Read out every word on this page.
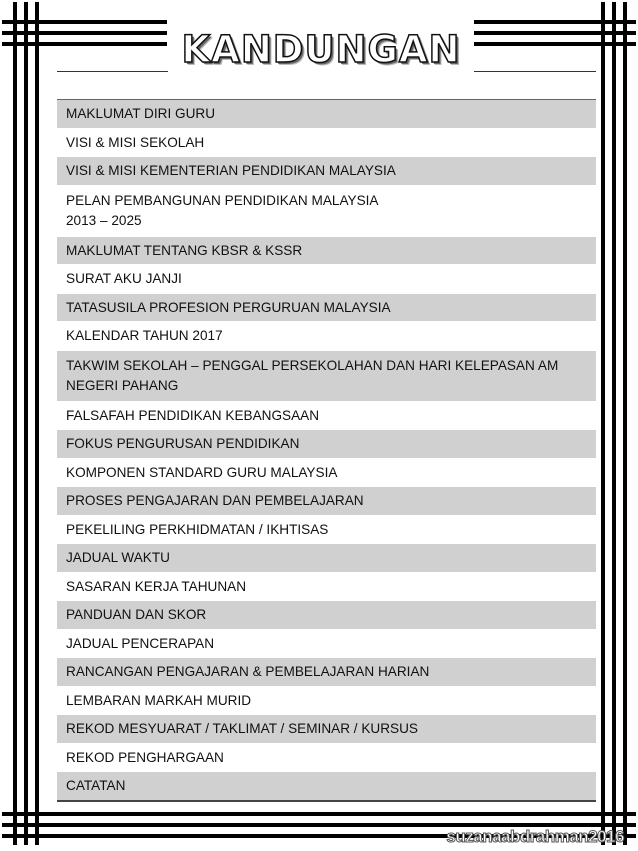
KANDUNGAN
MAKLUMAT DIRI GURU
VISI & MISI SEKOLAH
VISI & MISI KEMENTERIAN PENDIDIKAN MALAYSIA
PELAN PEMBANGUNAN PENDIDIKAN MALAYSIA
2013 – 2025
MAKLUMAT TENTANG KBSR & KSSR
SURAT AKU JANJI
TATASUSILA PROFESION PERGURUAN MALAYSIA
KALENDAR TAHUN 2017
TAKWIM SEKOLAH – PENGGAL PERSEKOLAHAN DAN HARI KELEPASAN AM NEGERI PAHANG
FALSAFAH PENDIDIKAN KEBANGSAAN
FOKUS PENGURUSAN PENDIDIKAN
KOMPONEN STANDARD GURU MALAYSIA
PROSES PENGAJARAN DAN PEMBELAJARAN
PEKELILING PERKHIDMATAN / IKHTISAS
JADUAL WAKTU
SASARAN KERJA TAHUNAN
PANDUAN DAN SKOR
JADUAL PENCERAPAN
RANCANGAN PENGAJARAN & PEMBELAJARAN HARIAN
LEMBARAN MARKAH MURID
REKOD MESYUARAT / TAKLIMAT / SEMINAR / KURSUS
REKOD PENGHARGAAN
CATATAN
suzanaabdrahman2016
